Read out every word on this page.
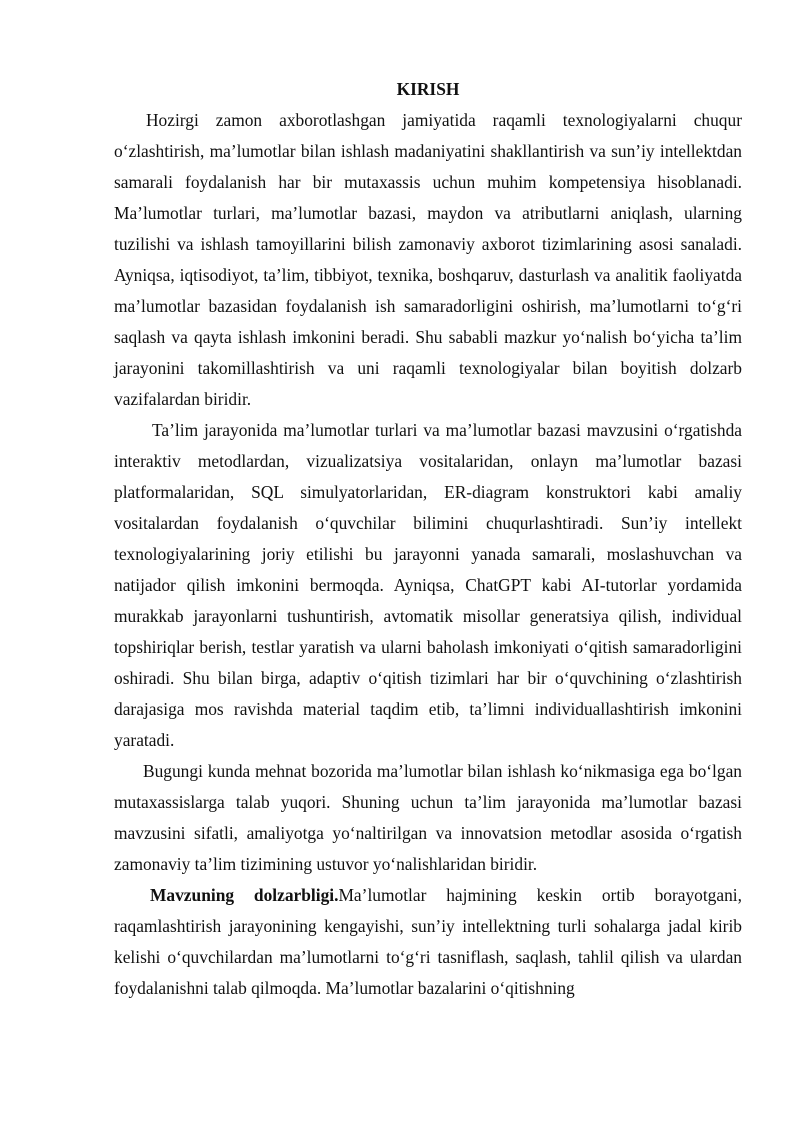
KIRISH

Hozirgi zamon axborotlashgan jamiyatida raqamli texnologiyalarni chuqur o‘zlashtirish, ma’lumotlar bilan ishlash madaniyatini shakllantirish va sun’iy intellektdan samarali foydalanish har bir mutaxassis uchun muhim kompetensiya hisoblanadi. Ma’lumotlar turlari, ma’lumotlar bazasi, maydon va atributlarni aniqlash, ularning tuzilishi va ishlash tamoyillarini bilish zamonaviy axborot tizimlarining asosi sanaladi. Ayniqsa, iqtisodiyot, ta’lim, tibbiyot, texnika, boshqaruv, dasturlash va analitik faoliyatda ma’lumotlar bazasidan foydalanish ish samaradorligini oshirish, ma’lumotlarni to‘g‘ri saqlash va qayta ishlash imkonini beradi. Shu sababli mazkur yo‘nalish bo‘yicha ta’lim jarayonini takomillashtirish va uni raqamli texnologiyalar bilan boyitish dolzarb vazifalardan biridir.

Ta’lim jarayonida ma’lumotlar turlari va ma’lumotlar bazasi mavzusini o‘rgatishda interaktiv metodlardan, vizualizatsiya vositalaridan, onlayn ma’lumotlar bazasi platformalaridan, SQL simulyatorlaridan, ER-diagram konstruktori kabi amaliy vositalardan foydalanish o‘quvchilar bilimini chuqurlashtiradi. Sun’iy intellekt texnologiyalarining joriy etilishi bu jarayonni yanada samarali, moslashuvchan va natijador qilish imkonini bermoqda. Ayniqsa, ChatGPT kabi AI-tutorlar yordamida murakkab jarayonlarni tushuntirish, avtomatik misollar generatsiya qilish, individual topshiriqlar berish, testlar yaratish va ularni baholash imkoniyati o‘qitish samaradorligini oshiradi. Shu bilan birga, adaptiv o‘qitish tizimlari har bir o‘quvchining o‘zlashtirish darajasiga mos ravishda material taqdim etib, ta’limni individuallashtirish imkonini yaratadi.

Bugungi kunda mehnat bozorida ma’lumotlar bilan ishlash ko‘nikmasiga ega bo‘lgan mutaxassislarga talab yuqori. Shuning uchun ta’lim jarayonida ma’lumotlar bazasi mavzusini sifatli, amaliyotga yo‘naltirilgan va innovatsion metodlar asosida o‘rgatish zamonaviy ta’lim tizimining ustuvor yo‘nalishlaridan biridir.

Mavzuning dolzarbligi.Ma’lumotlar hajmining keskin ortib borayotgani, raqamlashtirish jarayonining kengayishi, sun’iy intellektning turli sohalarga jadal kirib kelishi o‘quvchilardan ma’lumotlarni to‘g‘ri tasniflash, saqlash, tahlil qilish va ulardan foydalanishni talab qilmoqda. Ma’lumotlar bazalarini o‘qitishning
